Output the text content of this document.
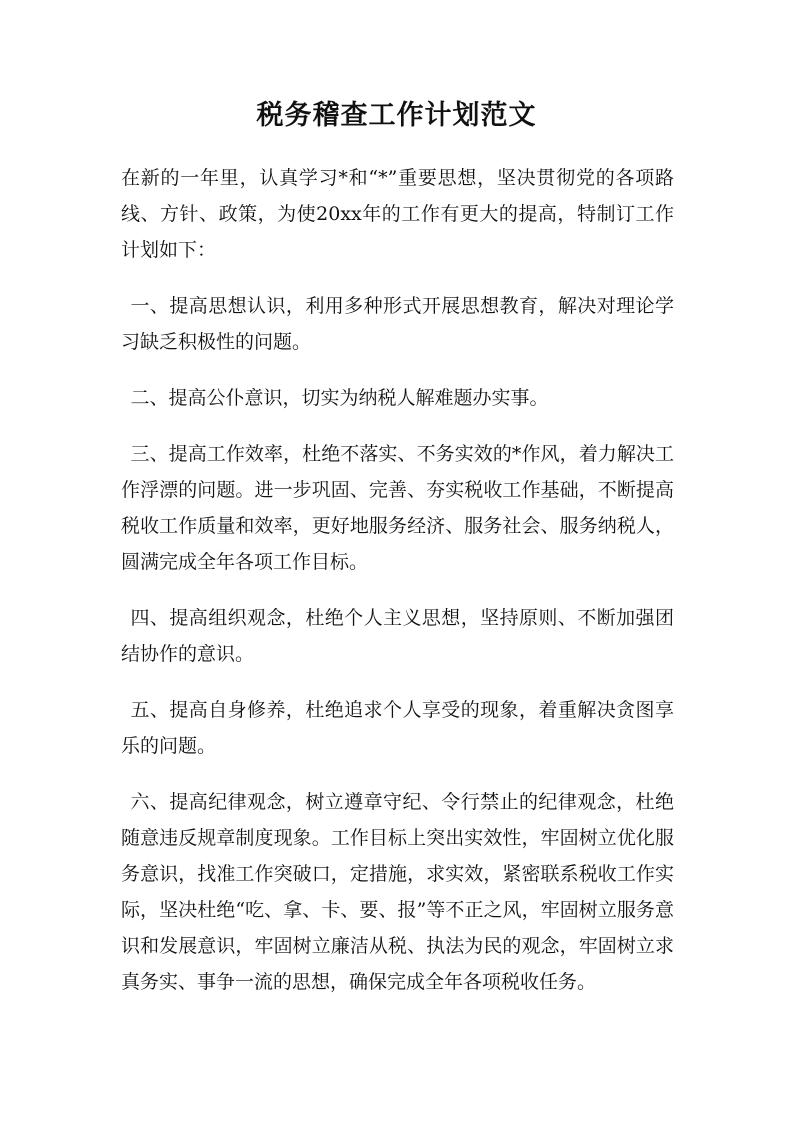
税务稽查工作计划范文

在新的一年里，认真学习*和“*”重要思想，坚决贯彻党的各项路线、方针、政策，为使20xx年的工作有更大的提高，特制订工作计划如下：

一、提高思想认识，利用多种形式开展思想教育，解决对理论学习缺乏积极性的问题。

二、提高公仆意识，切实为纳税人解难题办实事。

三、提高工作效率，杜绝不落实、不务实效的*作风，着力解决工作浮漂的问题。进一步巩固、完善、夯实税收工作基础，不断提高税收工作质量和效率，更好地服务经济、服务社会、服务纳税人，圆满完成全年各项工作目标。

四、提高组织观念，杜绝个人主义思想，坚持原则、不断加强团结协作的意识。

五、提高自身修养，杜绝追求个人享受的现象，着重解决贪图享乐的问题。

六、提高纪律观念，树立遵章守纪、令行禁止的纪律观念，杜绝随意违反规章制度现象。工作目标上突出实效性，牢固树立优化服务意识，找准工作突破口，定措施，求实效，紧密联系税收工作实际，坚决杜绝“吃、拿、卡、要、报”等不正之风，牢固树立服务意识和发展意识，牢固树立廉洁从税、执法为民的观念，牢固树立求真务实、事争一流的思想，确保完成全年各项税收任务。
